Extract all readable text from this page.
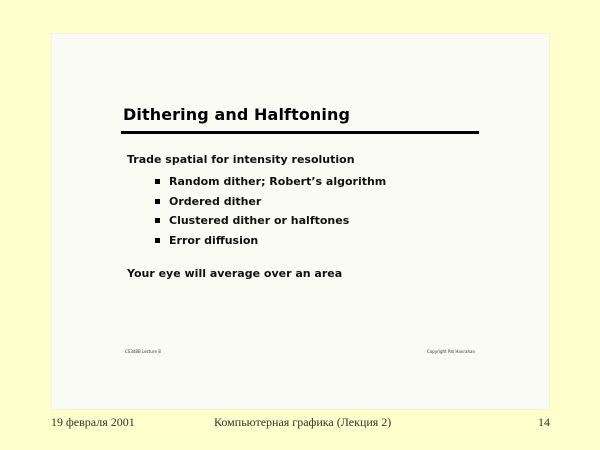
Dithering and Halftoning
Trade spatial for intensity resolution
Random dither; Robert’s algorithm
Ordered dither
Clustered dither or halftones
Error diffusion
Your eye will average over an area
CS348B Lecture 8	Copyright Pat Hanrahan
19 февраля 2001	Компьютерная графика (Лекция 2)	14
